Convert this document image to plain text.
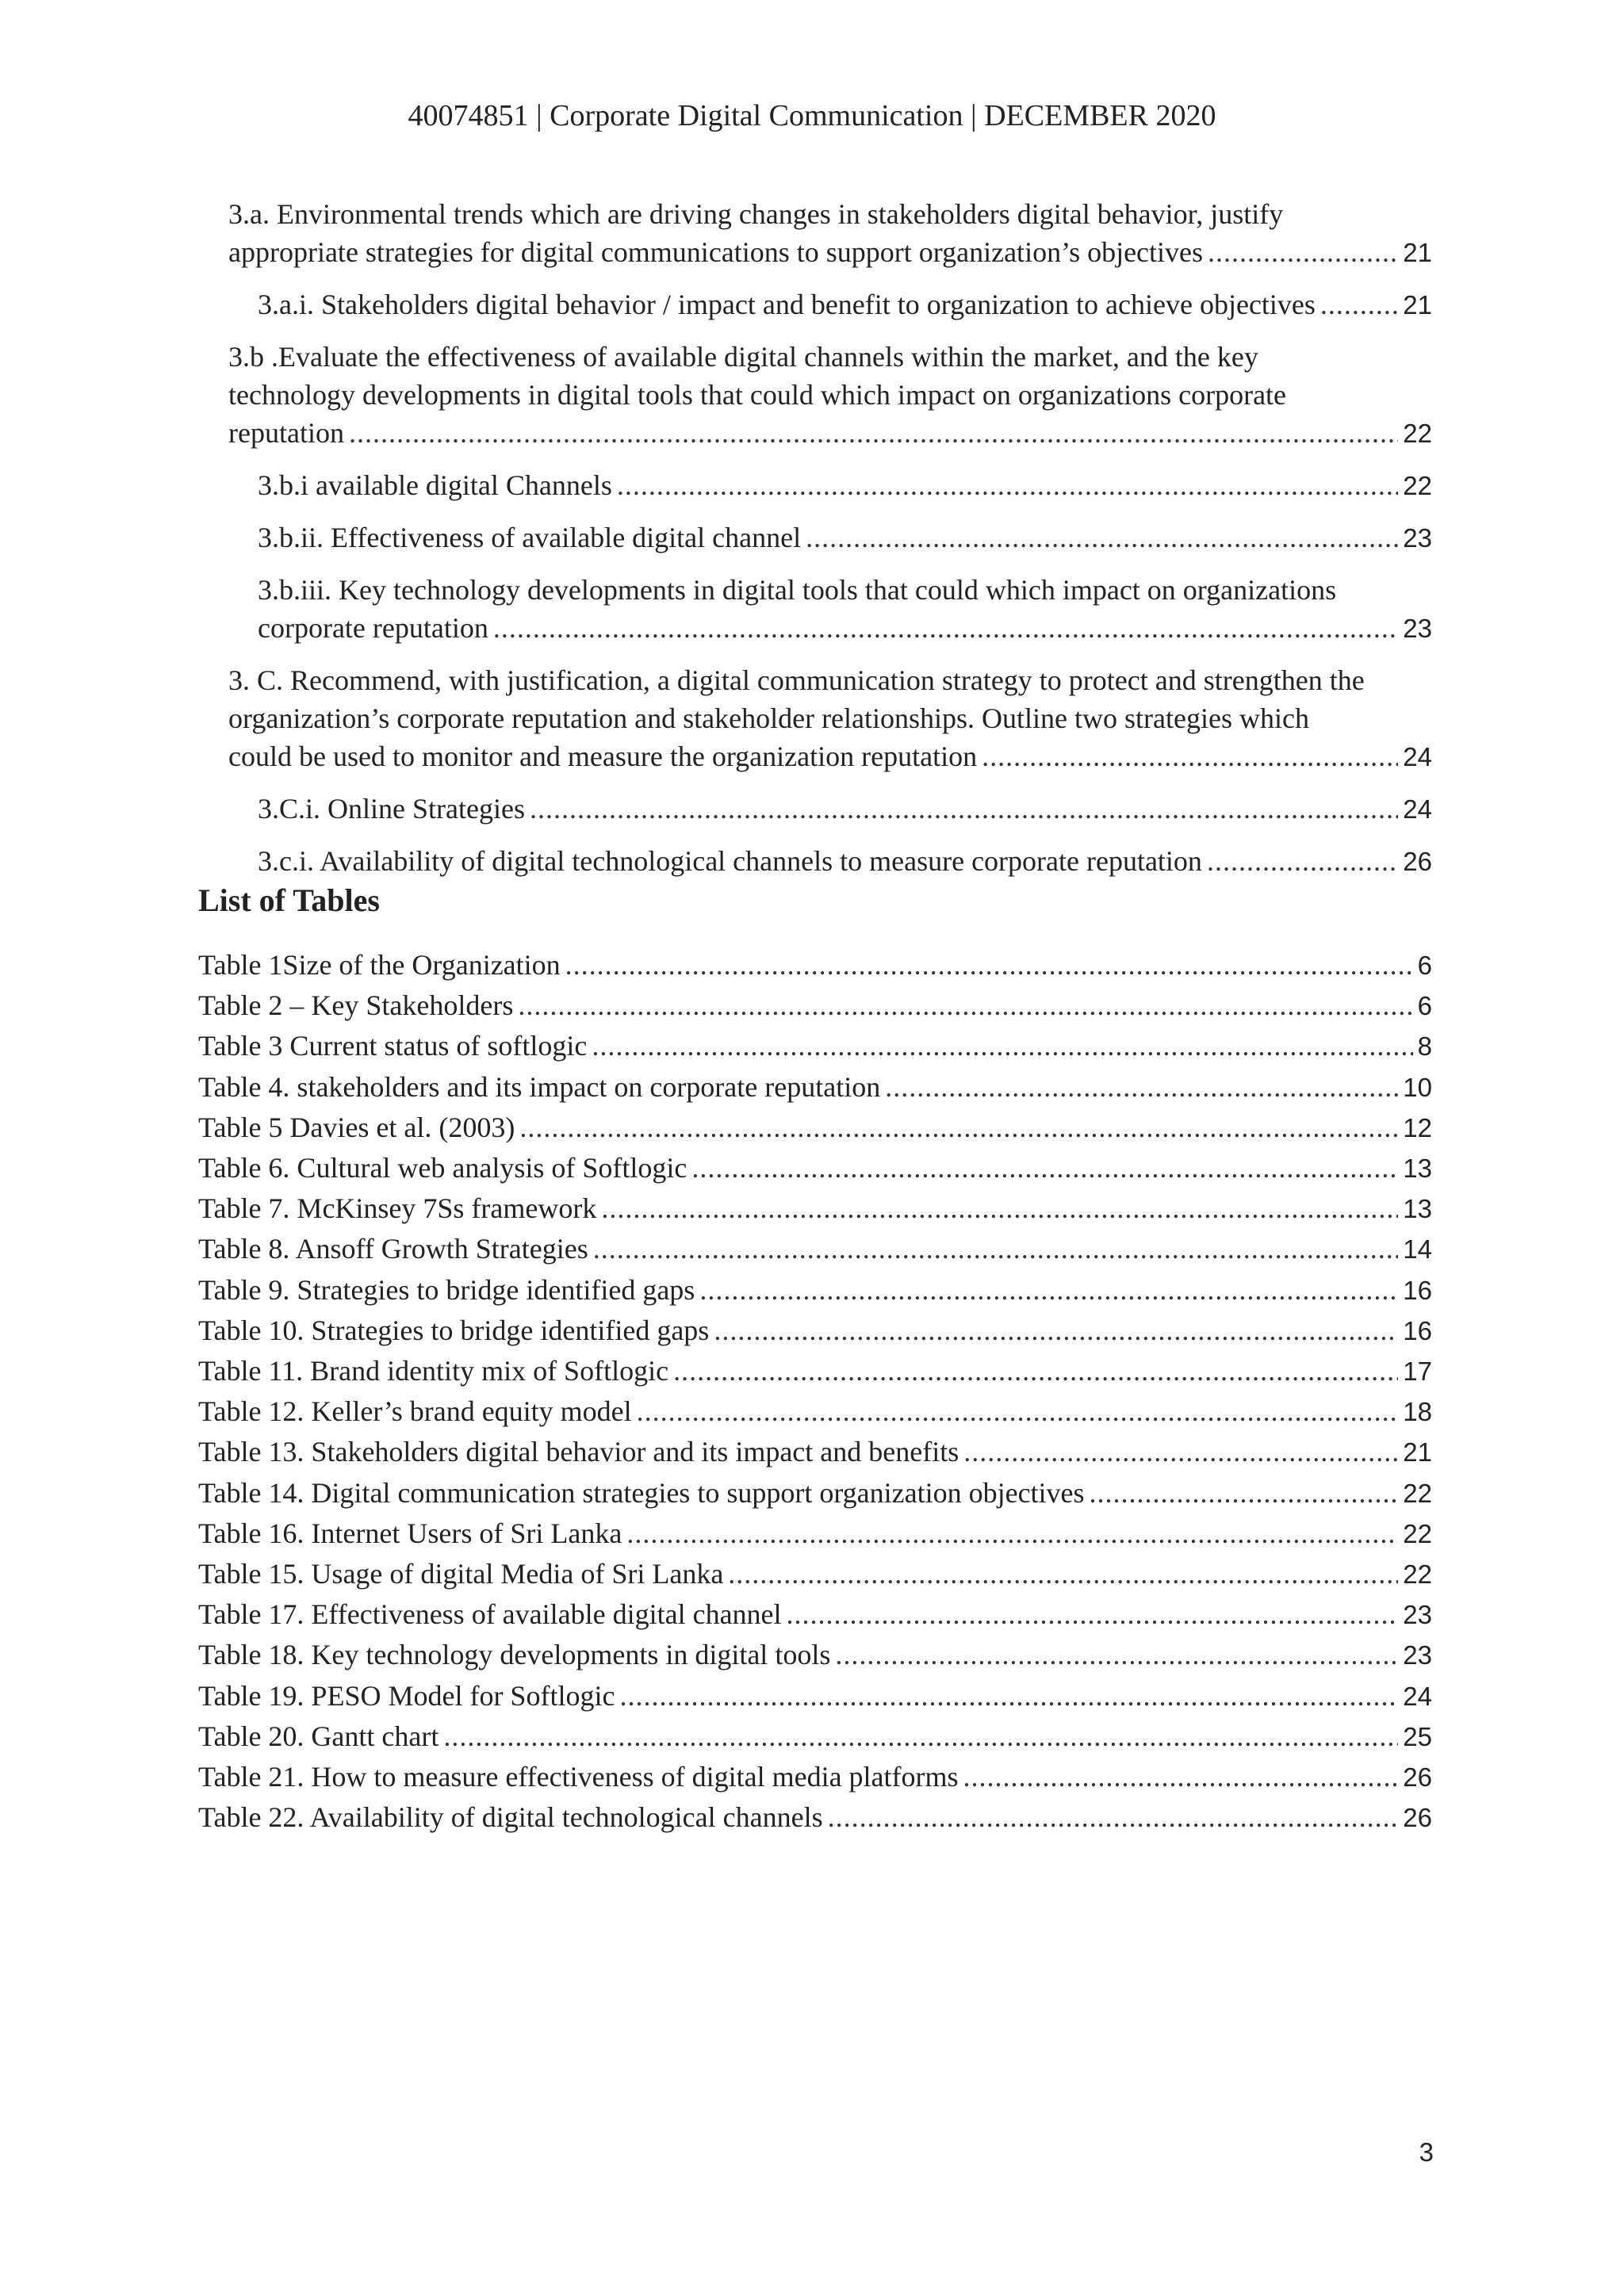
40074851 | Corporate Digital Communication | DECEMBER 2020
3.a. Environmental trends which are driving changes in stakeholders digital behavior, justify
appropriate strategies for digital communications to support organization’s objectives . . .	21
3.a.i. Stakeholders digital behavior / impact and benefit to organization to achieve objectives . . .	21
3.b .Evaluate the effectiveness of available digital channels within the market, and the key
technology developments in digital tools that could which impact on organizations corporate
reputation . . .	22
3.b.i available digital Channels . . .	22
3.b.ii. Effectiveness of available digital channel . . .	23
3.b.iii. Key technology developments in digital tools that could which impact on organizations
corporate reputation . . .	23
3. C. Recommend, with justification, a digital communication strategy to protect and strengthen the
organization’s corporate reputation and stakeholder relationships. Outline two strategies which
could be used to monitor and measure the organization reputation . . .	24
3.C.i. Online Strategies . . .	24
3.c.i. Availability of digital technological channels to measure corporate reputation . . .	26
List of Tables
Table 1Size of the Organization . . .	6
Table 2 – Key Stakeholders . . .	6
Table 3 Current status of softlogic . . .	8
Table 4. stakeholders and its impact on corporate reputation . . .	10
Table 5 Davies et al. (2003) . . .	12
Table 6. Cultural web analysis of Softlogic . . .	13
Table 7. McKinsey 7Ss framework . . .	13
Table 8. Ansoff Growth Strategies . . .	14
Table 9. Strategies to bridge identified gaps . . .	16
Table 10. Strategies to bridge identified gaps . . .	16
Table 11. Brand identity mix of Softlogic . . .	17
Table 12. Keller’s brand equity model . . .	18
Table 13. Stakeholders digital behavior and its impact and benefits . . .	21
Table 14. Digital communication strategies to support organization objectives . . .	22
Table 16. Internet Users of Sri Lanka . . .	22
Table 15. Usage of digital Media of Sri Lanka . . .	22
Table 17. Effectiveness of available digital channel . . .	23
Table 18. Key technology developments in digital tools . . .	23
Table 19. PESO Model for Softlogic . . .	24
Table 20. Gantt chart . . .	25
Table 21. How to measure effectiveness of digital media platforms . . .	26
Table 22. Availability of digital technological channels . . .	26
3
